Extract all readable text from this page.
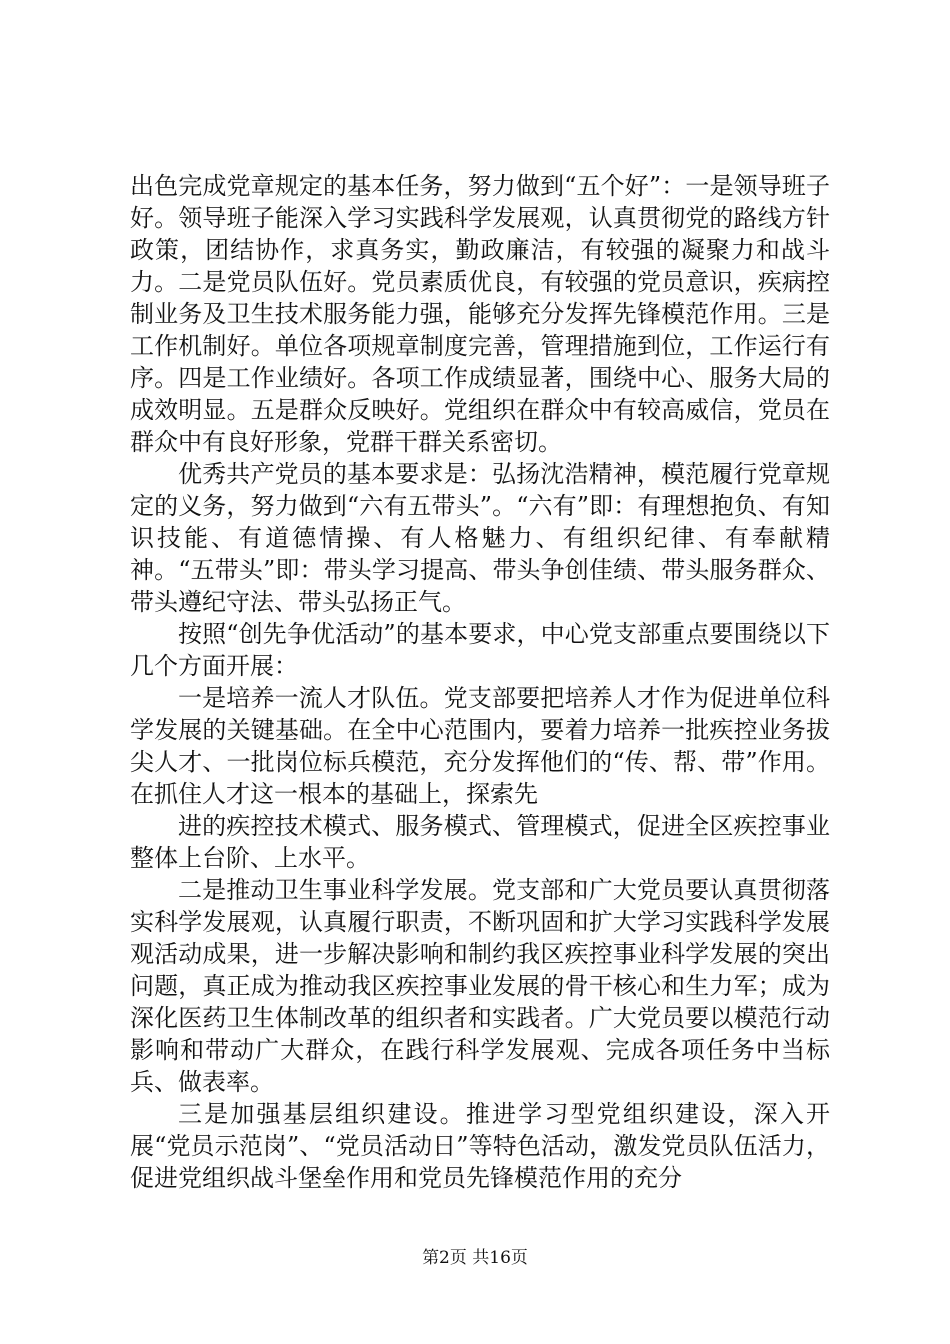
出色完成党章规定的基本任务，努力做到“五个好”：一是领导班子好。领导班子能深入学习实践科学发展观，认真贯彻党的路线方针政策，团结协作，求真务实，勤政廉洁，有较强的凝聚力和战斗力。二是党员队伍好。党员素质优良，有较强的党员意识，疾病控制业务及卫生技术服务能力强，能够充分发挥先锋模范作用。三是工作机制好。单位各项规章制度完善，管理措施到位，工作运行有序。四是工作业绩好。各项工作成绩显著，围绕中心、服务大局的成效明显。五是群众反映好。党组织在群众中有较高威信，党员在群众中有良好形象，党群干群关系密切。

优秀共产党员的基本要求是：弘扬沈浩精神，模范履行党章规定的义务，努力做到“六有五带头”。“六有”即：有理想抱负、有知识技能、有道德情操、有人格魅力、有组织纪律、有奉献精神。“五带头”即：带头学习提高、带头争创佳绩、带头服务群众、带头遵纪守法、带头弘扬正气。

按照“创先争优活动”的基本要求，中心党支部重点要围绕以下几个方面开展：

一是培养一流人才队伍。党支部要把培养人才作为促进单位科学发展的关键基础。在全中心范围内，要着力培养一批疾控业务拔尖人才、一批岗位标兵模范，充分发挥他们的“传、帮、带”作用。在抓住人才这一根本的基础上，探索先

进的疾控技术模式、服务模式、管理模式，促进全区疾控事业整体上台阶、上水平。

二是推动卫生事业科学发展。党支部和广大党员要认真贯彻落实科学发展观，认真履行职责，不断巩固和扩大学习实践科学发展观活动成果，进一步解决影响和制约我区疾控事业科学发展的突出问题，真正成为推动我区疾控事业发展的骨干核心和生力军；成为深化医药卫生体制改革的组织者和实践者。广大党员要以模范行动影响和带动广大群众，在践行科学发展观、完成各项任务中当标兵、做表率。

三是加强基层组织建设。推进学习型党组织建设，深入开展“党员示范岗”、“党员活动日”等特色活动，激发党员队伍活力，促进党组织战斗堡垒作用和党员先锋模范作用的充分

第2页 共16页
